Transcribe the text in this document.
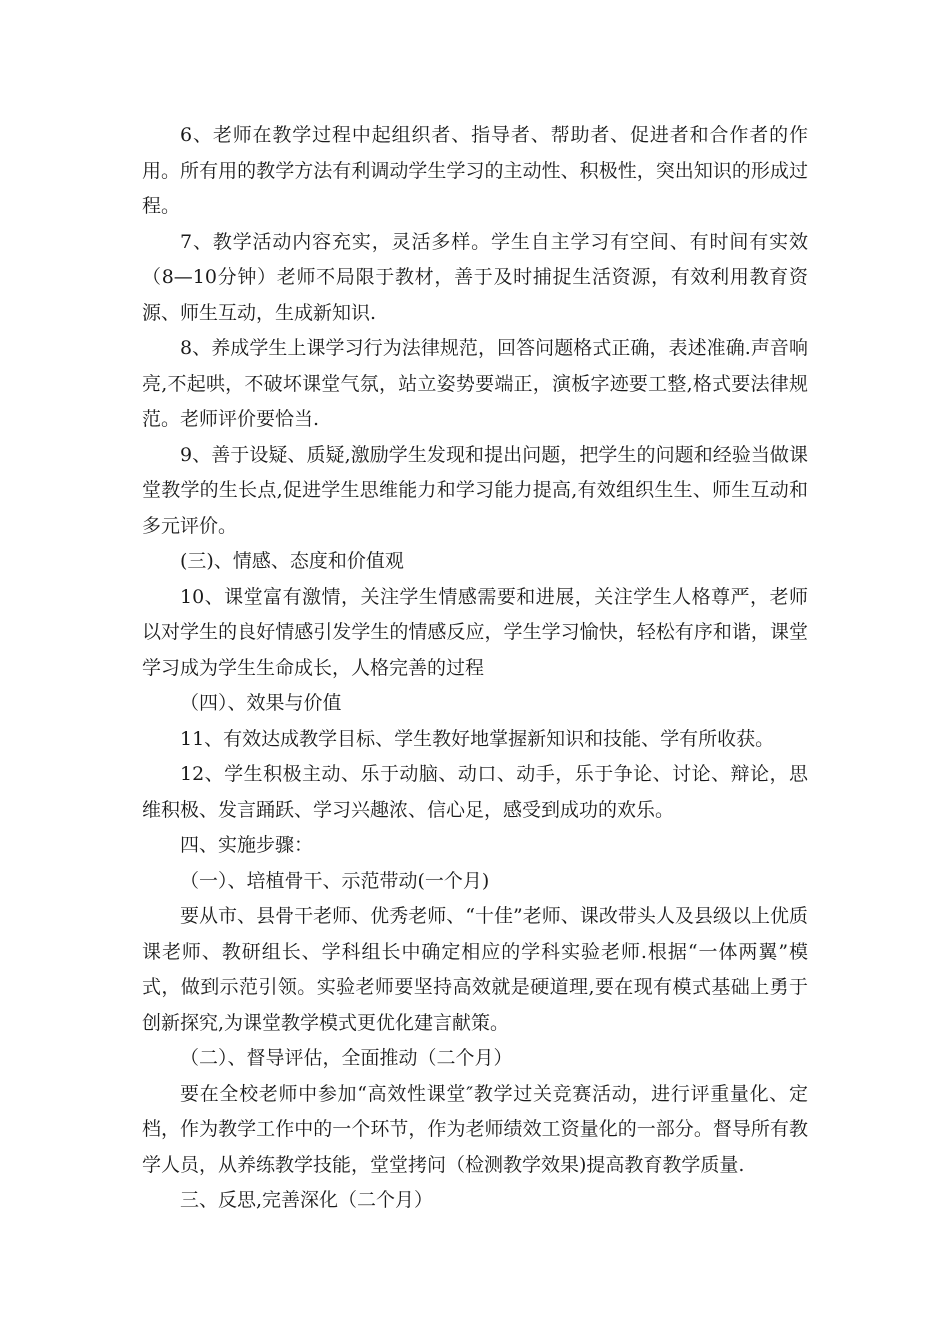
6、老师在教学过程中起组织者、指导者、帮助者、促进者和合作者的作用。所有用的教学方法有利调动学生学习的主动性、积极性，突出知识的形成过程。

7、教学活动内容充实，灵活多样。学生自主学习有空间、有时间有实效（8—10分钟）老师不局限于教材，善于及时捕捉生活资源，有效利用教育资源、师生互动，生成新知识.

8、养成学生上课学习行为法律规范，回答问题格式正确，表述准确.声音响亮,不起哄，不破坏课堂气氛，站立姿势要端正，演板字迹要工整,格式要法律规范。老师评价要恰当.

9、善于设疑、质疑,激励学生发现和提出问题，把学生的问题和经验当做课堂教学的生长点,促进学生思维能力和学习能力提高,有效组织生生、师生互动和多元评价。

(三)、情感、态度和价值观

10、课堂富有激情，关注学生情感需要和进展，关注学生人格尊严，老师以对学生的良好情感引发学生的情感反应，学生学习愉快，轻松有序和谐，课堂学习成为学生生命成长，人格完善的过程

（四）、效果与价值

11、有效达成教学目标、学生教好地掌握新知识和技能、学有所收获。

12、学生积极主动、乐于动脑、动口、动手，乐于争论、讨论、辩论，思维积极、发言踊跃、学习兴趣浓、信心足，感受到成功的欢乐。

四、实施步骤：

（一）、培植骨干、示范带动(一个月)

要从市、县骨干老师、优秀老师、“十佳”老师、课改带头人及县级以上优质课老师、教研组长、学科组长中确定相应的学科实验老师.根据“一体两翼”模式，做到示范引领。实验老师要坚持高效就是硬道理,要在现有模式基础上勇于创新探究,为课堂教学模式更优化建言献策。

（二）、督导评估，全面推动（二个月）

要在全校老师中参加“高效性课堂″教学过关竞赛活动，进行评重量化、定档，作为教学工作中的一个环节，作为老师绩效工资量化的一部分。督导所有教学人员，从养练教学技能，堂堂拷问（检测教学效果)提高教育教学质量.

三、反思,完善深化（二个月）
